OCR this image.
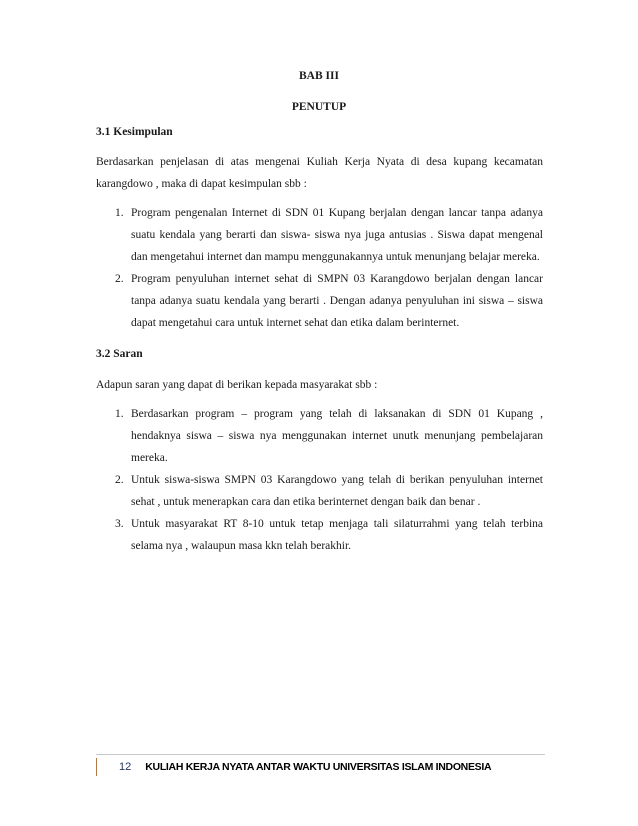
BAB III
PENUTUP
3.1 Kesimpulan
Berdasarkan penjelasan di atas mengenai Kuliah Kerja Nyata di desa kupang kecamatan karangdowo , maka di dapat kesimpulan sbb :
1. Program pengenalan Internet di SDN 01 Kupang berjalan dengan lancar tanpa adanya suatu kendala yang berarti dan siswa- siswa nya juga antusias . Siswa dapat mengenal dan mengetahui internet dan mampu menggunakannya untuk menunjang belajar mereka.
2. Program penyuluhan internet sehat di SMPN 03 Karangdowo berjalan dengan lancar tanpa adanya suatu kendala yang berarti . Dengan adanya penyuluhan ini siswa – siswa dapat mengetahui cara untuk internet sehat dan etika dalam berinternet.
3.2 Saran
Adapun saran yang dapat di berikan kepada masyarakat sbb :
1. Berdasarkan program – program yang telah di laksanakan di SDN 01 Kupang , hendaknya siswa – siswa nya menggunakan internet unutk menunjang pembelajaran mereka.
2. Untuk siswa-siswa SMPN 03 Karangdowo yang telah di berikan penyuluhan internet sehat , untuk menerapkan cara dan etika berinternet dengan baik dan benar .
3. Untuk masyarakat RT 8-10 untuk tetap menjaga tali silaturrahmi yang telah terbina selama nya , walaupun masa kkn telah berakhir.
12 KULIAH KERJA NYATA ANTAR WAKTU UNIVERSITAS ISLAM INDONESIA
